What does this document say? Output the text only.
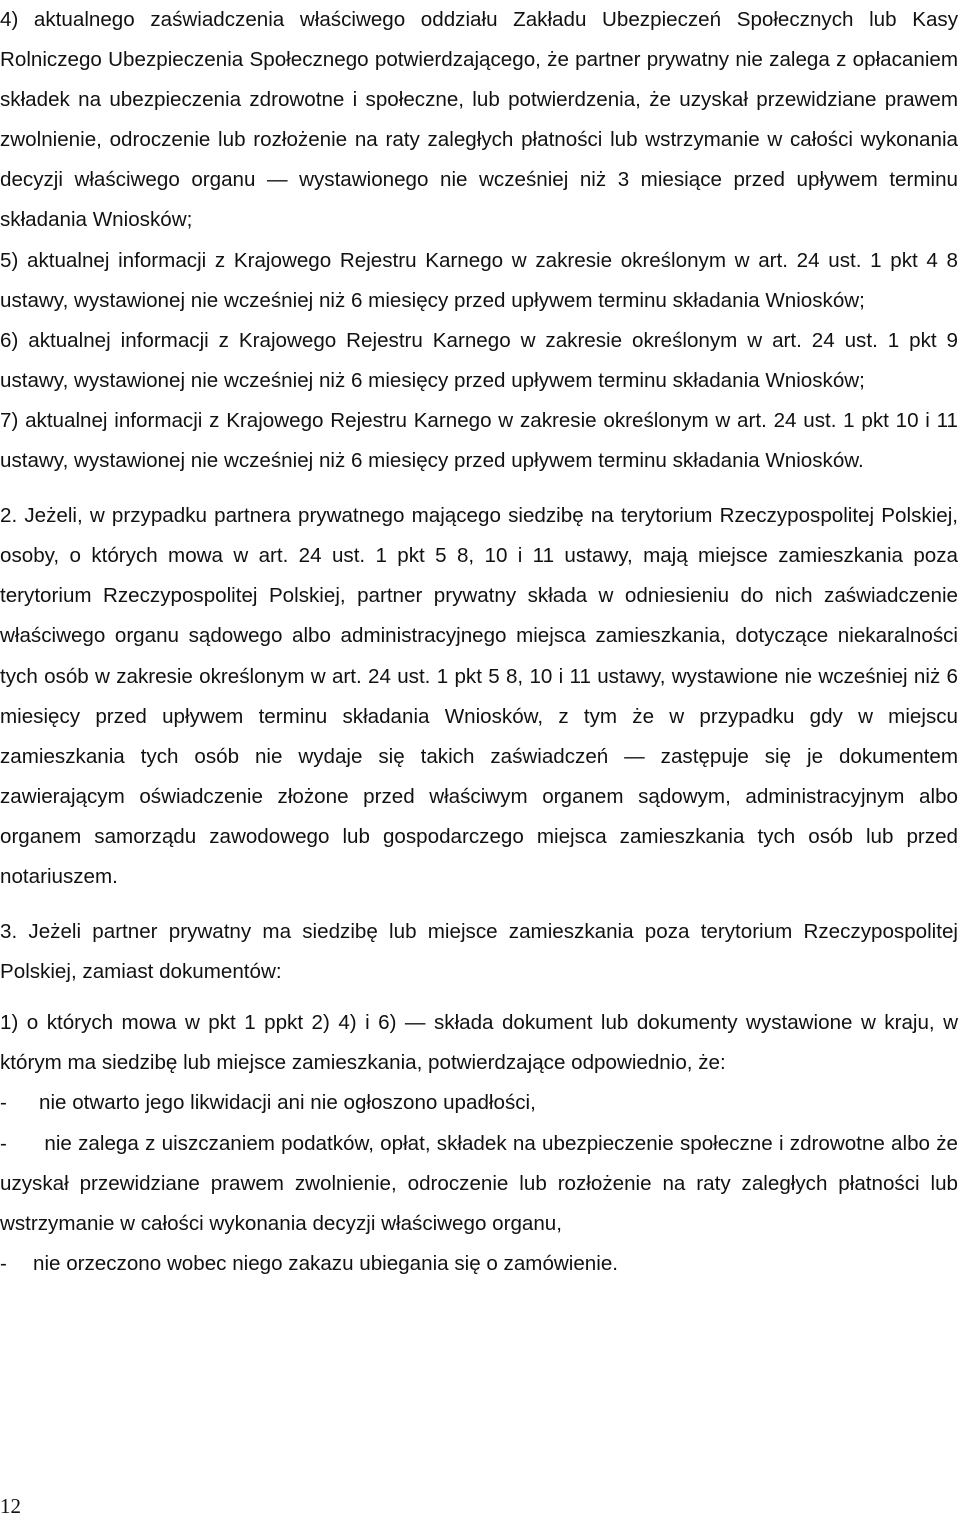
4) aktualnego zaświadczenia właściwego oddziału Zakładu Ubezpieczeń Społecznych lub Kasy Rolniczego Ubezpieczenia Społecznego potwierdzającego, że partner prywatny nie zalega z opłacaniem składek na ubezpieczenia zdrowotne i społeczne, lub potwierdzenia, że uzyskał przewidziane prawem zwolnienie, odroczenie lub rozłożenie na raty zaległych płatności lub wstrzymanie w całości wykonania decyzji właściwego organu ― wystawionego nie wcześniej niż 3 miesiące przed upływem terminu składania Wniosków;

5) aktualnej informacji z Krajowego Rejestru Karnego w zakresie określonym w art. 24 ust. 1 pkt 4 8 ustawy, wystawionej nie wcześniej niż 6 miesięcy przed upływem terminu składania Wniosków;

6) aktualnej informacji z Krajowego Rejestru Karnego w zakresie określonym w art. 24 ust. 1 pkt 9 ustawy, wystawionej nie wcześniej niż 6 miesięcy przed upływem terminu składania Wniosków;

7) aktualnej informacji z Krajowego Rejestru Karnego w zakresie określonym w art. 24 ust. 1 pkt 10 i 11 ustawy, wystawionej nie wcześniej niż 6 miesięcy przed upływem terminu składania Wniosków.

2. Jeżeli, w przypadku partnera prywatnego mającego siedzibę na terytorium Rzeczypospolitej Polskiej, osoby, o których mowa w art. 24 ust. 1 pkt 5 8, 10 i 11 ustawy, mają miejsce zamieszkania poza terytorium Rzeczypospolitej Polskiej, partner prywatny składa w odniesieniu do nich zaświadczenie właściwego organu sądowego albo administracyjnego miejsca zamieszkania, dotyczące niekaralności tych osób w zakresie określonym w art. 24 ust. 1 pkt 5 8, 10 i 11 ustawy, wystawione nie wcześniej niż 6 miesięcy przed upływem terminu składania Wniosków, z tym że w przypadku gdy w miejscu zamieszkania tych osób nie wydaje się takich zaświadczeń ― zastępuje się je dokumentem zawierającym oświadczenie złożone przed właściwym organem sądowym, administracyjnym albo organem samorządu zawodowego lub gospodarczego miejsca zamieszkania tych osób lub przed notariuszem.

3. Jeżeli partner prywatny ma siedzibę lub miejsce zamieszkania poza terytorium Rzeczypospolitej Polskiej, zamiast dokumentów:

1) o których mowa w pkt 1 ppkt 2) 4) i 6) ― składa dokument lub dokumenty wystawione w kraju, w którym ma siedzibę lub miejsce zamieszkania, potwierdzające odpowiednio, że:

-	nie otwarto jego likwidacji ani nie ogłoszono upadłości,

- nie zalega z uiszczaniem podatków, opłat, składek na ubezpieczenie społeczne i zdrowotne albo że uzyskał przewidziane prawem zwolnienie, odroczenie lub rozłożenie na raty zaległych płatności lub wstrzymanie w całości wykonania decyzji właściwego organu,

-	nie orzeczono wobec niego zakazu ubiegania się o zamówienie.
12
